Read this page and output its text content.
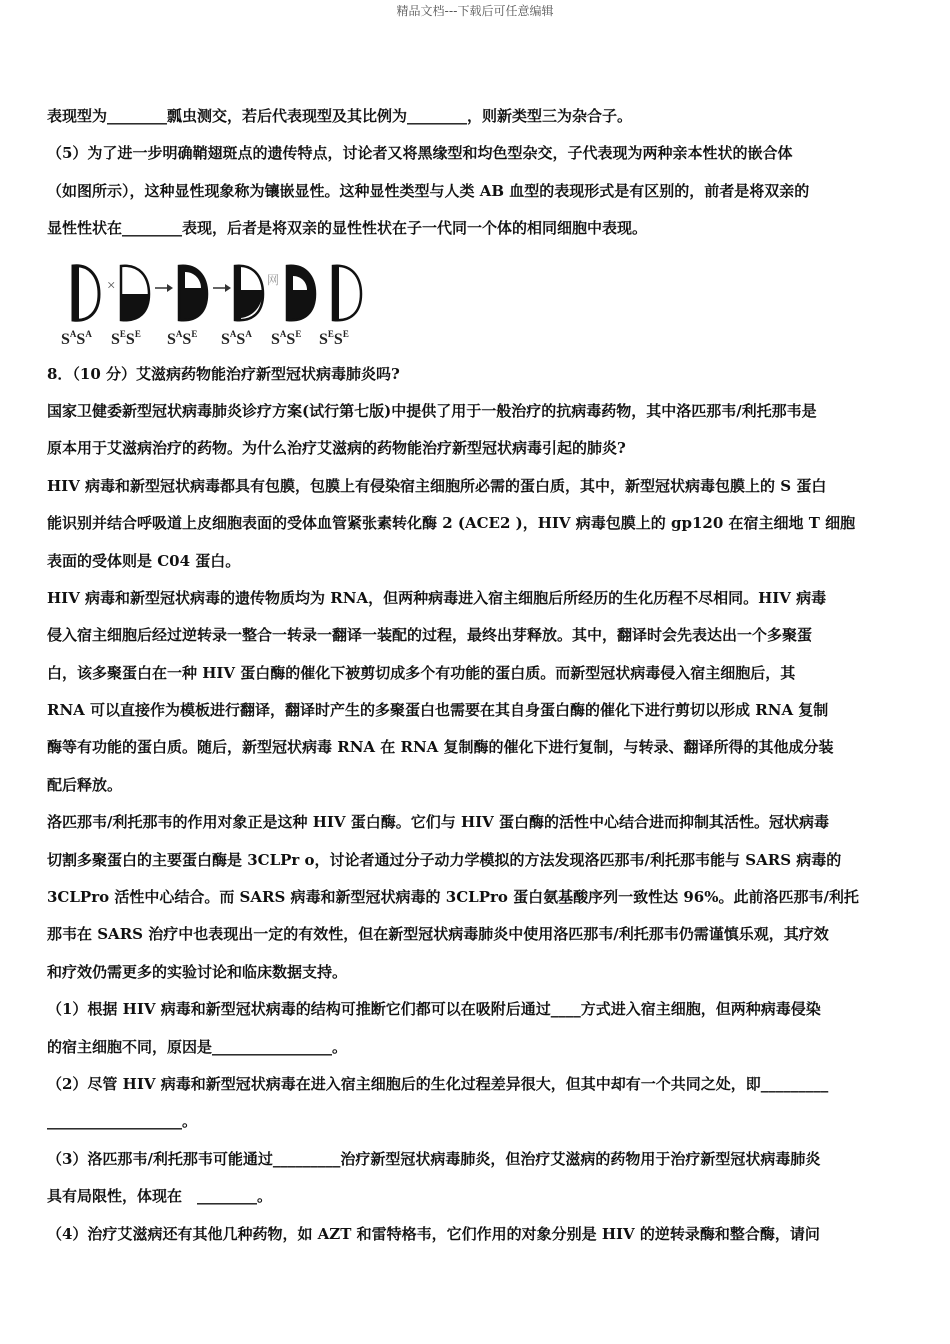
精品文档---下载后可任意编辑
表现型为________瓢虫测交，若后代表现型及其比例为________，则新类型三为杂合子。
（5）为了进一步明确鞘翅斑点的遗传特点，讨论者又将黑缘型和均色型杂交，子代表现为两种亲本性状的嵌合体
（如图所示），这种显性现象称为镶嵌显性。这种显性类型与人类 AB 血型的表现形式是有区别的，前者是将双亲的
显性性状在________表现，后者是将双亲的显性性状在子一代同一个体的相同细胞中表现。
×	网
$S^AS^A$ $S^ES^E$ $S^AS^E$ $S^AS^A$ $S^AS^E$ $S^ES^E$
8．（10 分）艾滋病药物能治疗新型冠状病毒肺炎吗?
国家卫健委新型冠状病毒肺炎诊疗方案(试行第七版)中提供了用于一般治疗的抗病毒药物，其中洛匹那韦/利托那韦是
原本用于艾滋病治疗的药物。为什么治疗艾滋病的药物能治疗新型冠状病毒引起的肺炎?
HIV 病毒和新型冠状病毒都具有包膜，包膜上有侵染宿主细胞所必需的蛋白质，其中，新型冠状病毒包膜上的 S 蛋白
能识别并结合呼吸道上皮细胞表面的受体血管紧张素转化酶 2 (ACE2 )，HIV 病毒包膜上的 gp120 在宿主细地 T 细胞
表面的受体则是 C04 蛋白。
HIV 病毒和新型冠状病毒的遗传物质均为 RNA，但两种病毒进入宿主细胞后所经历的生化历程不尽相同。HIV 病毒
侵入宿主细胞后经过逆转录一整合一转录一翻译一装配的过程，最终出芽释放。其中，翻译时会先表达出一个多聚蛋
白，该多聚蛋白在一种 HIV 蛋白酶的催化下被剪切成多个有功能的蛋白质。而新型冠状病毒侵入宿主细胞后，其
RNA 可以直接作为模板进行翻译，翻译时产生的多聚蛋白也需要在其自身蛋白酶的催化下进行剪切以形成 RNA 复制
酶等有功能的蛋白质。随后，新型冠状病毒 RNA 在 RNA 复制酶的催化下进行复制，与转录、翻译所得的其他成分装
配后释放。
洛匹那韦/利托那韦的作用对象正是这种 HIV 蛋白酶。它们与 HIV 蛋白酶的活性中心结合进而抑制其活性。冠状病毒
切割多聚蛋白的主要蛋白酶是 3CLPr o，讨论者通过分子动力学模拟的方法发现洛匹那韦/利托那韦能与 SARS 病毒的
3CLPro 活性中心结合。而 SARS 病毒和新型冠状病毒的 3CLPro 蛋白氨基酸序列一致性达 96%。此前洛匹那韦/利托
那韦在 SARS 治疗中也表现出一定的有效性，但在新型冠状病毒肺炎中使用洛匹那韦/利托那韦仍需谨慎乐观，其疗效
和疗效仍需更多的实验讨论和临床数据支持。
（1）根据 HIV 病毒和新型冠状病毒的结构可推断它们都可以在吸附后通过____方式进入宿主细胞，但两种病毒侵染
的宿主细胞不同，原因是________________。
（2）尽管 HIV 病毒和新型冠状病毒在进入宿主细胞后的生化过程差异很大，但其中却有一个共同之处，即_________
__________________。
（3）洛匹那韦/利托那韦可能通过_________治疗新型冠状病毒肺炎，但治疗艾滋病的药物用于治疗新型冠状病毒肺炎
具有局限性，体现在　________。
（4）治疗艾滋病还有其他几种药物，如 AZT 和雷特格韦，它们作用的对象分别是 HIV 的逆转录酶和整合酶，请问
